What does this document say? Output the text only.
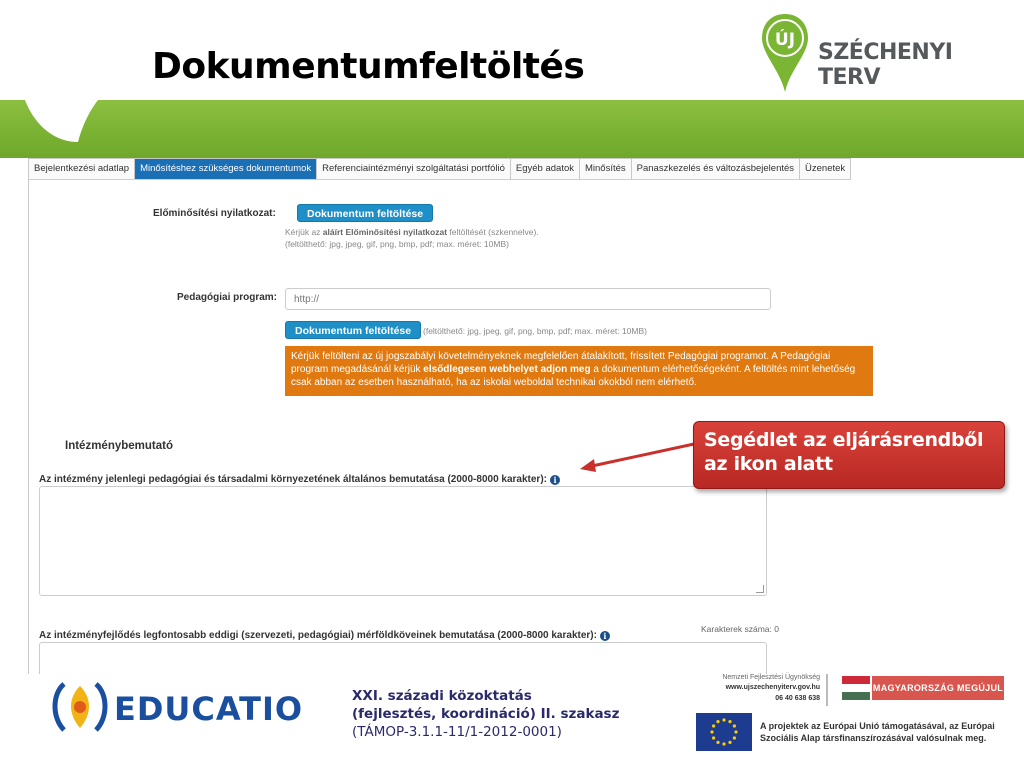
Dokumentumfeltöltés
ÚJ SZÉCHENYI TERV
Bejelentkezési adatlap	Minősítéshez szükséges dokumentumok	Referenciaintézményi szolgáltatási portfólió	Egyéb adatok	Minősítés	Panaszkezelés és változásbejelentés	Üzenetek
Előminősítési nyilatkozat:	Dokumentum feltöltése
Kérjük az aláírt Előminősítési nyilatkozat feltöltését (szkennelve).
(feltölthető: jpg, jpeg, gif, png, bmp, pdf; max. méret: 10MB)
Pedagógiai program:
http://
Dokumentum feltöltése	(feltölthető: jpg, jpeg, gif, png, bmp, pdf; max. méret: 10MB)
Kérjük feltölteni az új jogszabályi követelményeknek megfelelően átalakított, frissített Pedagógiai programot. A Pedagógiai program megadásánál kérjük elsődlegesen webhelyet adjon meg a dokumentum elérhetőségeként. A feltöltés mint lehetőség csak abban az esetben használható, ha az iskolai weboldal technikai okokból nem elérhető.
Intézménybemutató
Az intézmény jelenlegi pedagógiai és társadalmi környezetének általános bemutatása (2000-8000 karakter): i
Karakterek száma: 0
Az intézményfejlődés legfontosabb eddigi (szervezeti, pedagógiai) mérföldköveinek bemutatása (2000-8000 karakter): i
Segédlet az eljárásrendből
az ikon alatt
EDUCATIO	XXI. századi közoktatás
(fejlesztés, koordináció) II. szakasz
(TÁMOP-3.1.1-11/1-2012-0001)
Nemzeti Fejlesztési Ügynökség
www.ujszechenyiterv.gov.hu
06 40 638 638
MAGYARORSZÁG MEGÚJUL
A projektek az Európai Unió támogatásával, az Európai Szociális Alap társfinanszírozásával valósulnak meg.
